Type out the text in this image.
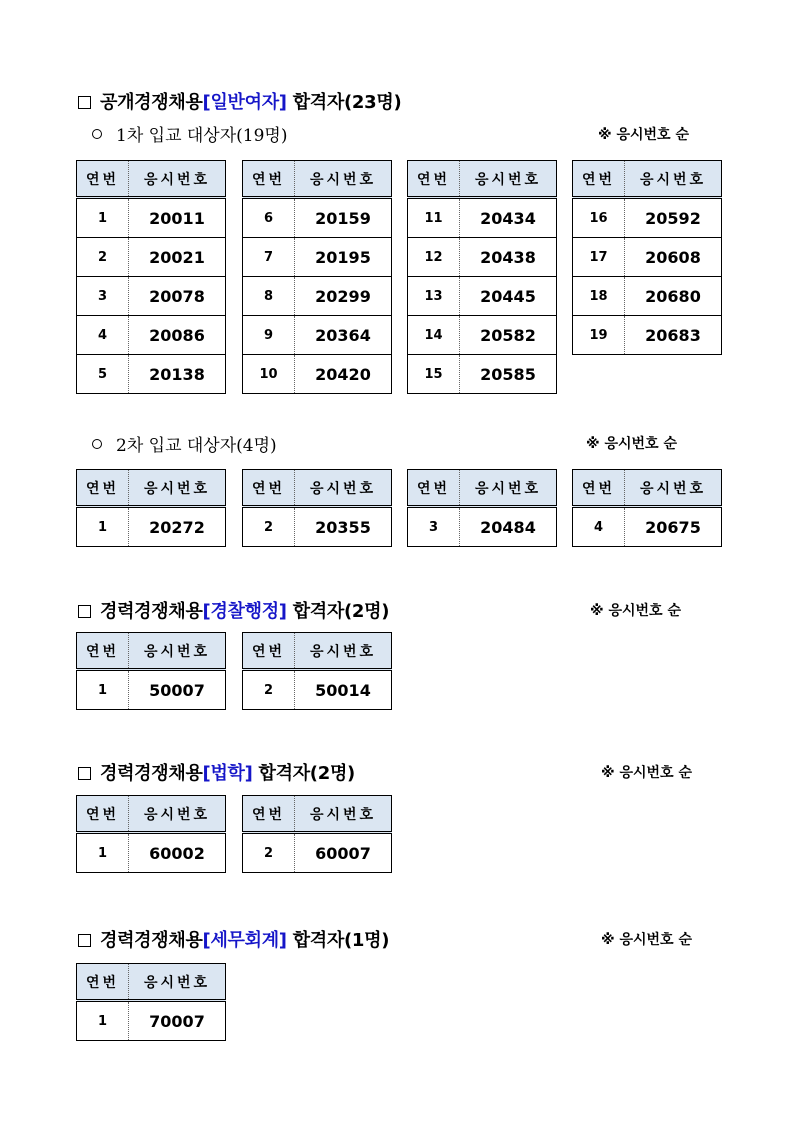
공개경쟁채용[일반여자] 합격자(23명)
1차 입교 대상자(19명)	※ 응시번호 순
2차 입교 대상자(4명)	※ 응시번호 순
경력경쟁채용[경찰행정] 합격자(2명)	※ 응시번호 순
경력경쟁채용[법학] 합격자(2명)	※ 응시번호 순
경력경쟁채용[세무회계] 합격자(1명)	※ 응시번호 순
연번	응시번호
1	20011
2	20021
3	20078
4	20086
5	20138
연번	응시번호
6	20159
7	20195
8	20299
9	20364
10	20420
연번	응시번호
11	20434
12	20438
13	20445
14	20582
15	20585
연번	응시번호
16	20592
17	20608
18	20680
19	20683
연번	응시번호
1	20272
연번	응시번호
2	20355
연번	응시번호
3	20484
연번	응시번호
4	20675
연번	응시번호
1	50007
연번	응시번호
2	50014
연번	응시번호
1	60002
연번	응시번호
2	60007
연번	응시번호
1	70007
